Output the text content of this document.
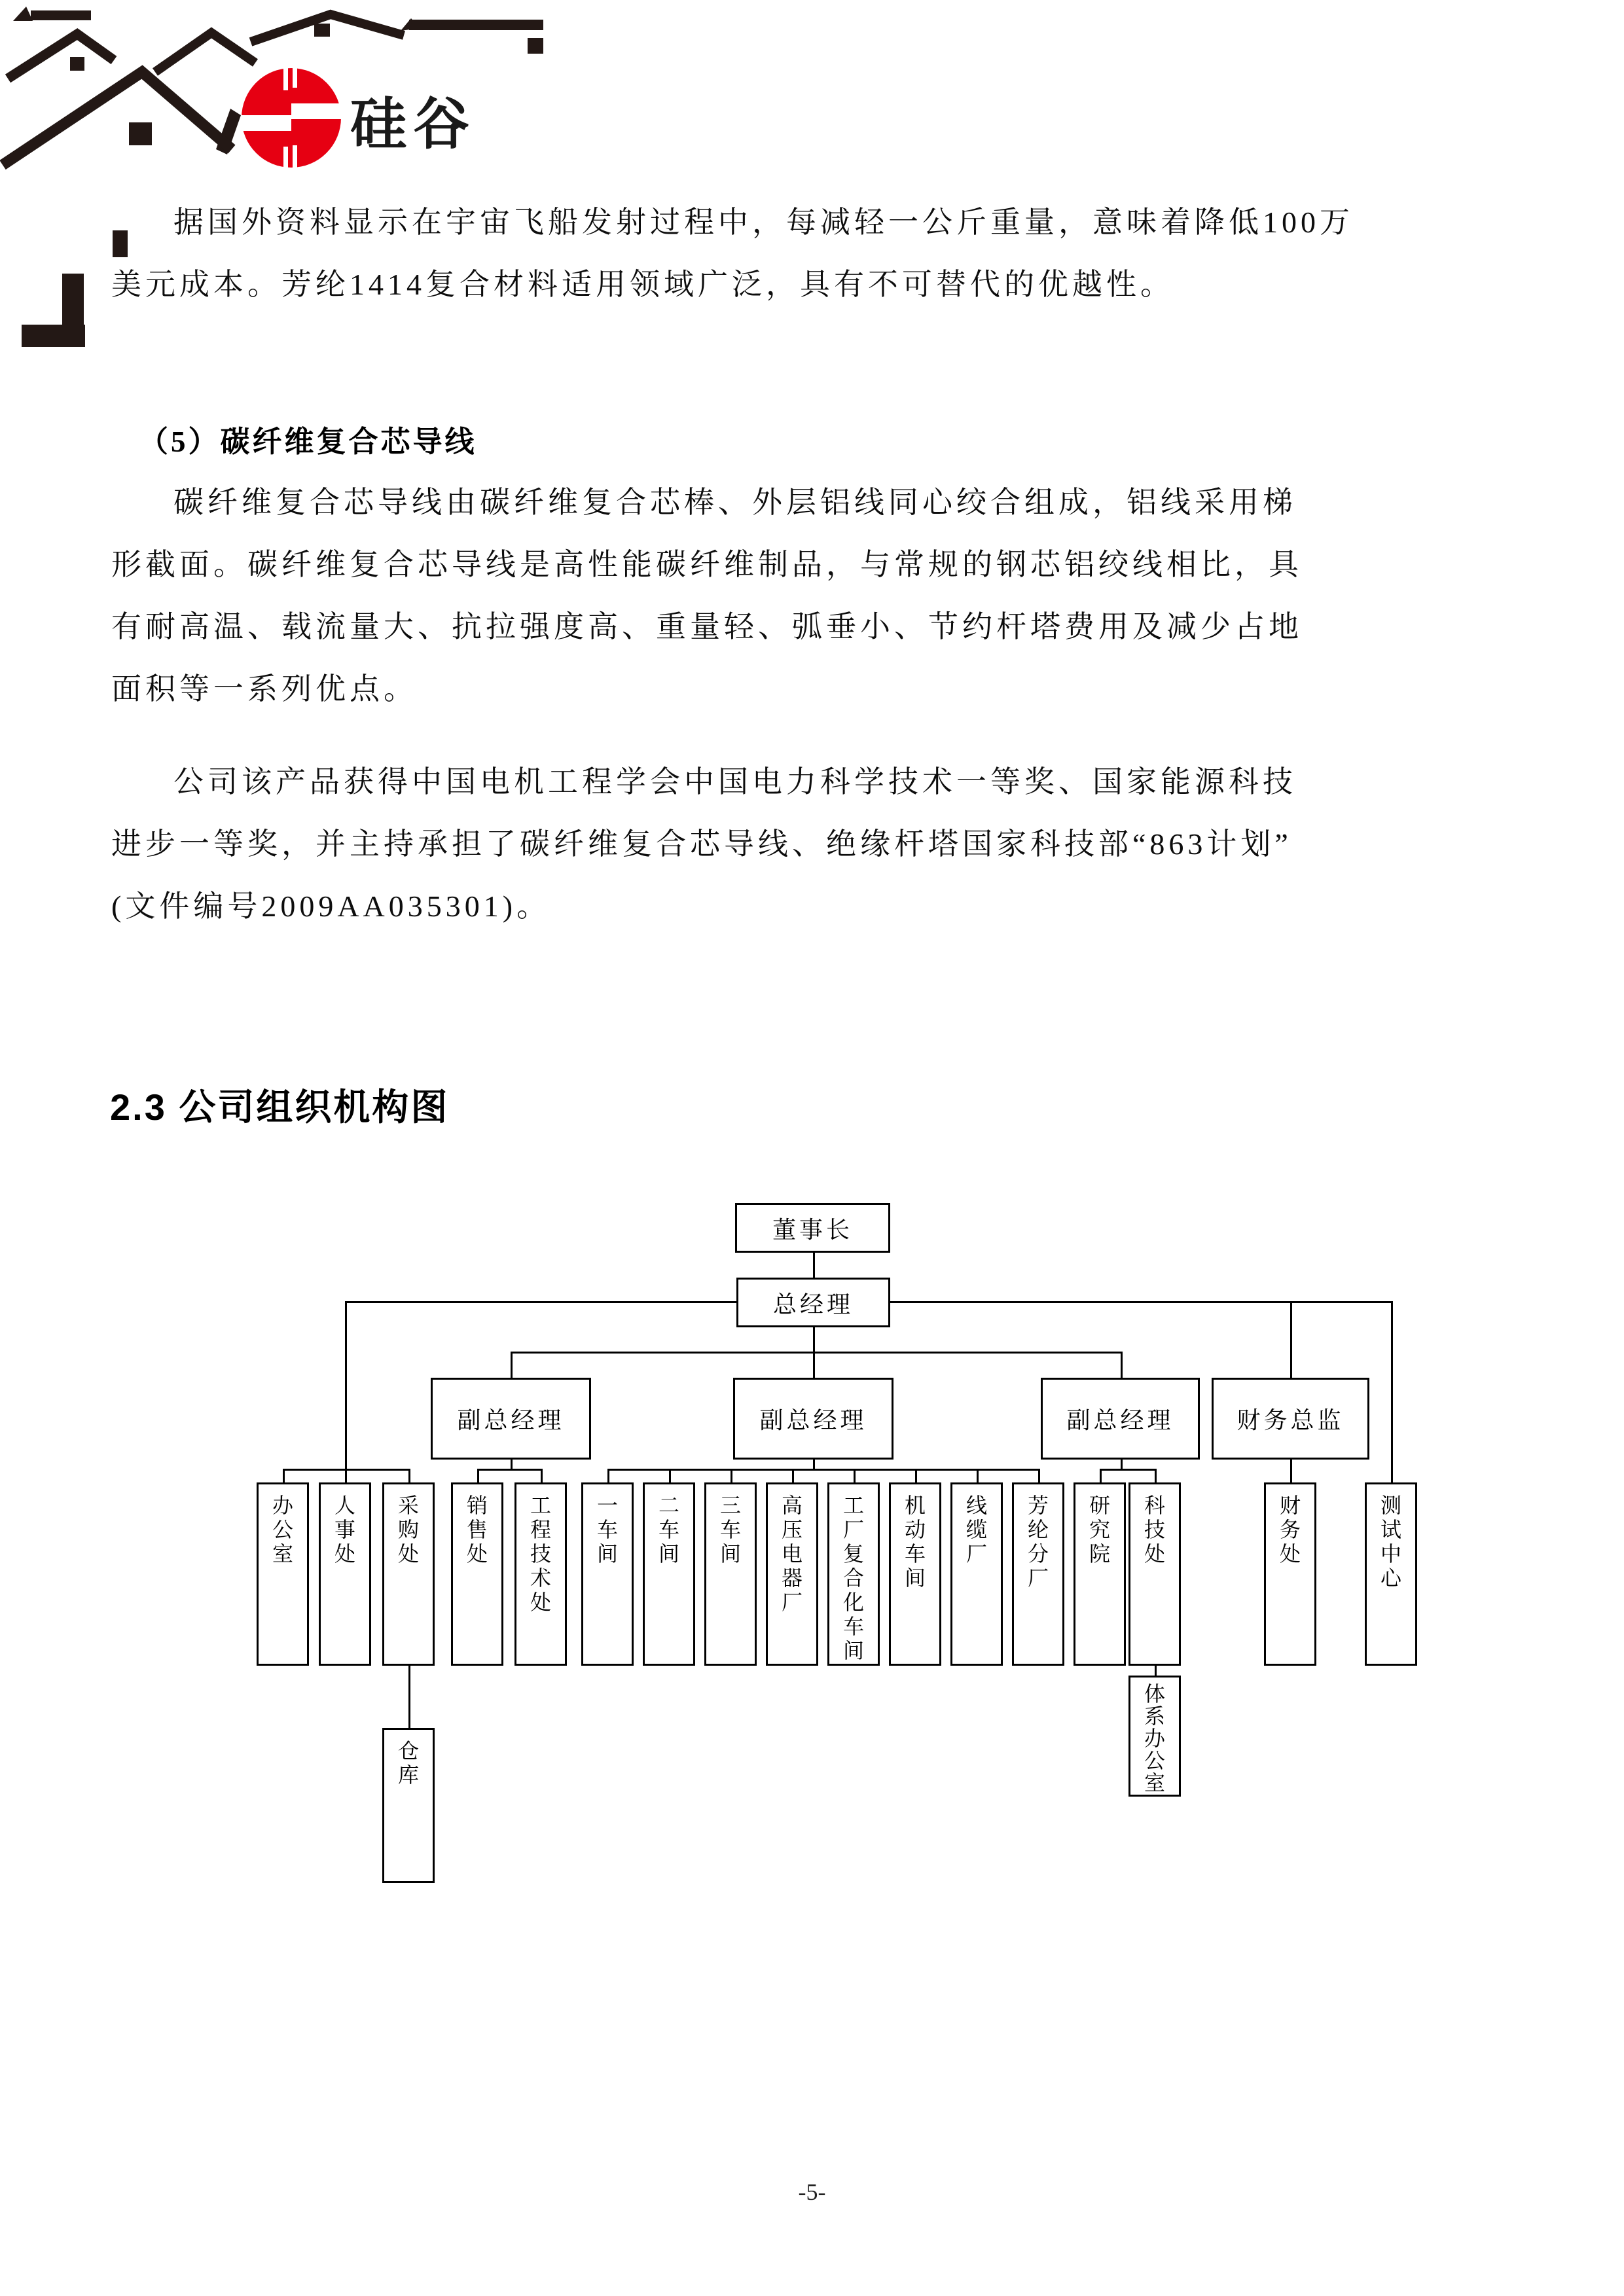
硅谷
据国外资料显示在宇宙飞船发射过程中，每减轻一公斤重量，意味着降低100万
美元成本。芳纶1414复合材料适用领域广泛，具有不可替代的优越性。
（5）碳纤维复合芯导线
碳纤维复合芯导线由碳纤维复合芯棒、外层铝线同心绞合组成，铝线采用梯
形截面。碳纤维复合芯导线是高性能碳纤维制品，与常规的钢芯铝绞线相比，具
有耐高温、载流量大、抗拉强度高、重量轻、弧垂小、节约杆塔费用及减少占地
面积等一系列优点。
公司该产品获得中国电机工程学会中国电力科学技术一等奖、国家能源科技
进步一等奖，并主持承担了碳纤维复合芯导线、绝缘杆塔国家科技部“863计划”
(文件编号2009AA035301)。
2.3 公司组织机构图
董事长
总经理
副总经理	副总经理	副总经理	财务总监
办公室
人事处
采购处
销售处
工程技术处
一车间
二车间
三车间
高压电器厂
工厂复合化车间
机动车间
线缆厂
芳纶分厂
研究院
科技处
财务处
测试中心
仓库
体系办公室
-5-
